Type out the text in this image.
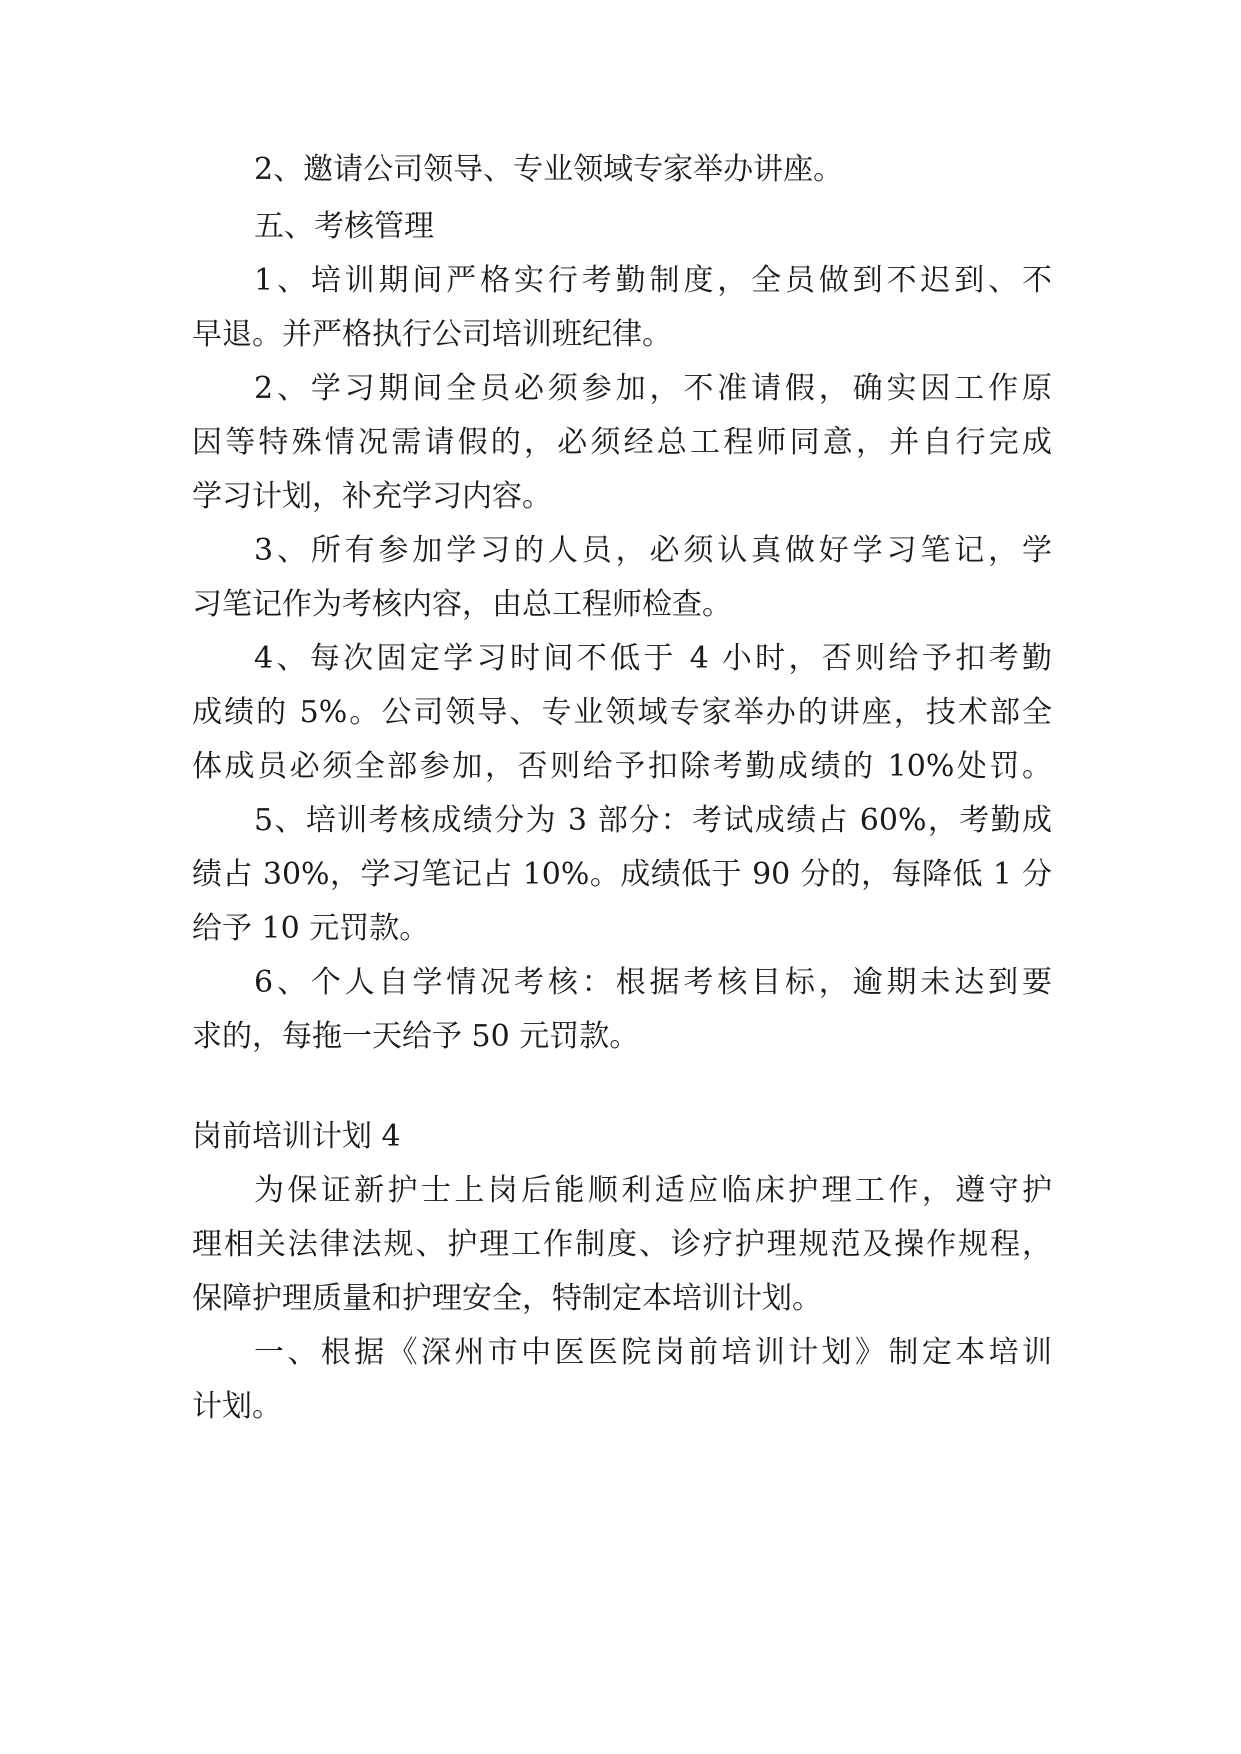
2、邀请公司领导、专业领域专家举办讲座。
五、考核管理
1、培训期间严格实行考勤制度，全员做到不迟到、不
早退。并严格执行公司培训班纪律。
2、学习期间全员必须参加，不准请假，确实因工作原
因等特殊情况需请假的，必须经总工程师同意，并自行完成
学习计划，补充学习内容。
3、所有参加学习的人员，必须认真做好学习笔记，学
习笔记作为考核内容，由总工程师检查。
4、每次固定学习时间不低于 4 小时，否则给予扣考勤
成绩的 5%。公司领导、专业领域专家举办的讲座，技术部全
体成员必须全部参加，否则给予扣除考勤成绩的 10%处罚。
5、培训考核成绩分为 3 部分：考试成绩占 60%，考勤成
绩占 30%，学习笔记占 10%。成绩低于 90 分的，每降低 1 分
给予 10 元罚款。
6、个人自学情况考核：根据考核目标，逾期未达到要
求的，每拖一天给予 50 元罚款。
岗前培训计划 4
为保证新护士上岗后能顺利适应临床护理工作，遵守护
理相关法律法规、护理工作制度、诊疗护理规范及操作规程，
保障护理质量和护理安全，特制定本培训计划。
一、根据《深州市中医医院岗前培训计划》制定本培训
计划。
